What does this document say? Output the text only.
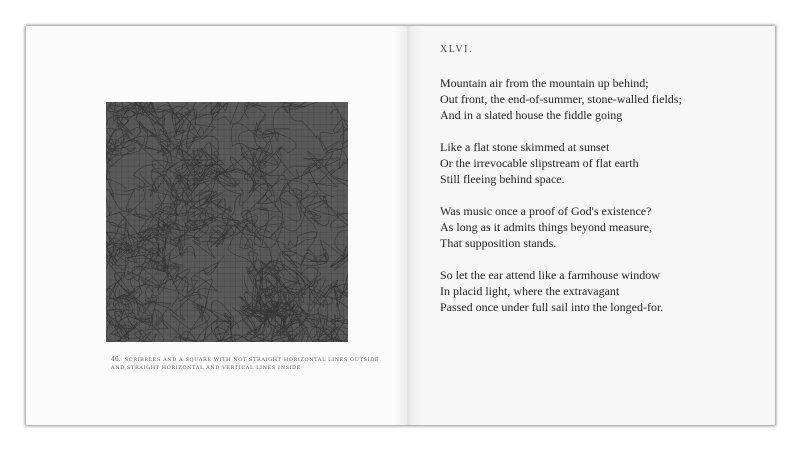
46. SCRIBBLES AND A SQUARE WITH NOT STRAIGHT HORIZONTAL LINES OUTSIDE AND STRAIGHT HORIZONTAL AND VERTICAL LINES INSIDE
XLVI.
Mountain air from the mountain up behind;
Out front, the end-of-summer, stone-walled fields;
And in a slated house the fiddle going
Like a flat stone skimmed at sunset
Or the irrevocable slipstream of flat earth
Still fleeing behind space.
Was music once a proof of God's existence?
As long as it admits things beyond measure,
That supposition stands.
So let the ear attend like a farmhouse window
In placid light, where the extravagant
Passed once under full sail into the longed-for.
